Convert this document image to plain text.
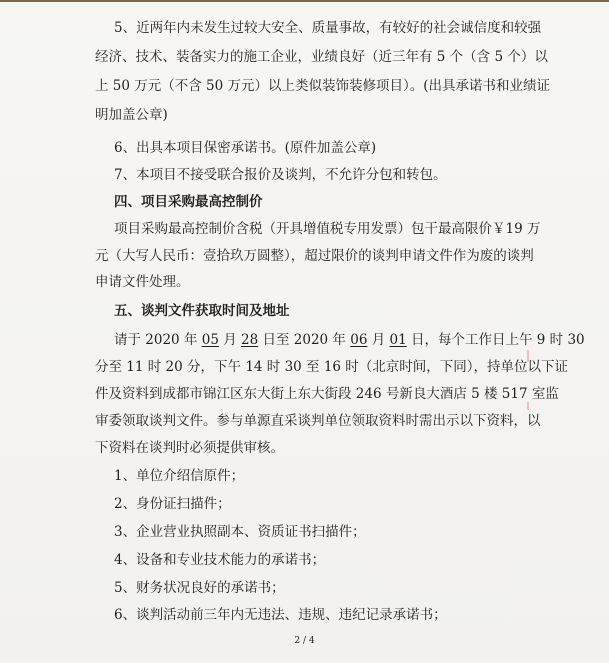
5、近两年内未发生过较大安全、质量事故，有较好的社会诚信度和较强
经济、技术、装备实力的施工企业，业绩良好（近三年有 5 个（含 5 个）以
上 50 万元（不含 50 万元）以上类似装饰装修项目）。(出具承诺书和业绩证
明加盖公章)
6、出具本项目保密承诺书。(原件加盖公章)
7、本项目不接受联合报价及谈判，不允许分包和转包。
四、项目采购最高控制价
项目采购最高控制价含税（开具增值税专用发票）包干最高限价￥19 万
元（大写人民币：壹拾玖万圆整），超过限价的谈判申请文件作为废的谈判
申请文件处理。
五、谈判文件获取时间及地址
请于 2020 年 05 月 28 日至 2020 年 06 月 01 日，每个工作日上午 9 时 30
分至 11 时 20 分，下午 14 时 30 至 16 时（北京时间，下同），持单位以下证
件及资料到成都市锦江区东大街上东大街段 246 号新良大酒店 5 楼 517 室监
审委领取谈判文件。参与单源直采谈判单位领取资料时需出示以下资料，以
下资料在谈判时必须提供审核。
1、单位介绍信原件；
2、身份证扫描件；
3、企业营业执照副本、资质证书扫描件；
4、设备和专业技术能力的承诺书；
5、财务状况良好的承诺书；
6、谈判活动前三年内无违法、违规、违纪记录承诺书；
2 / 4
